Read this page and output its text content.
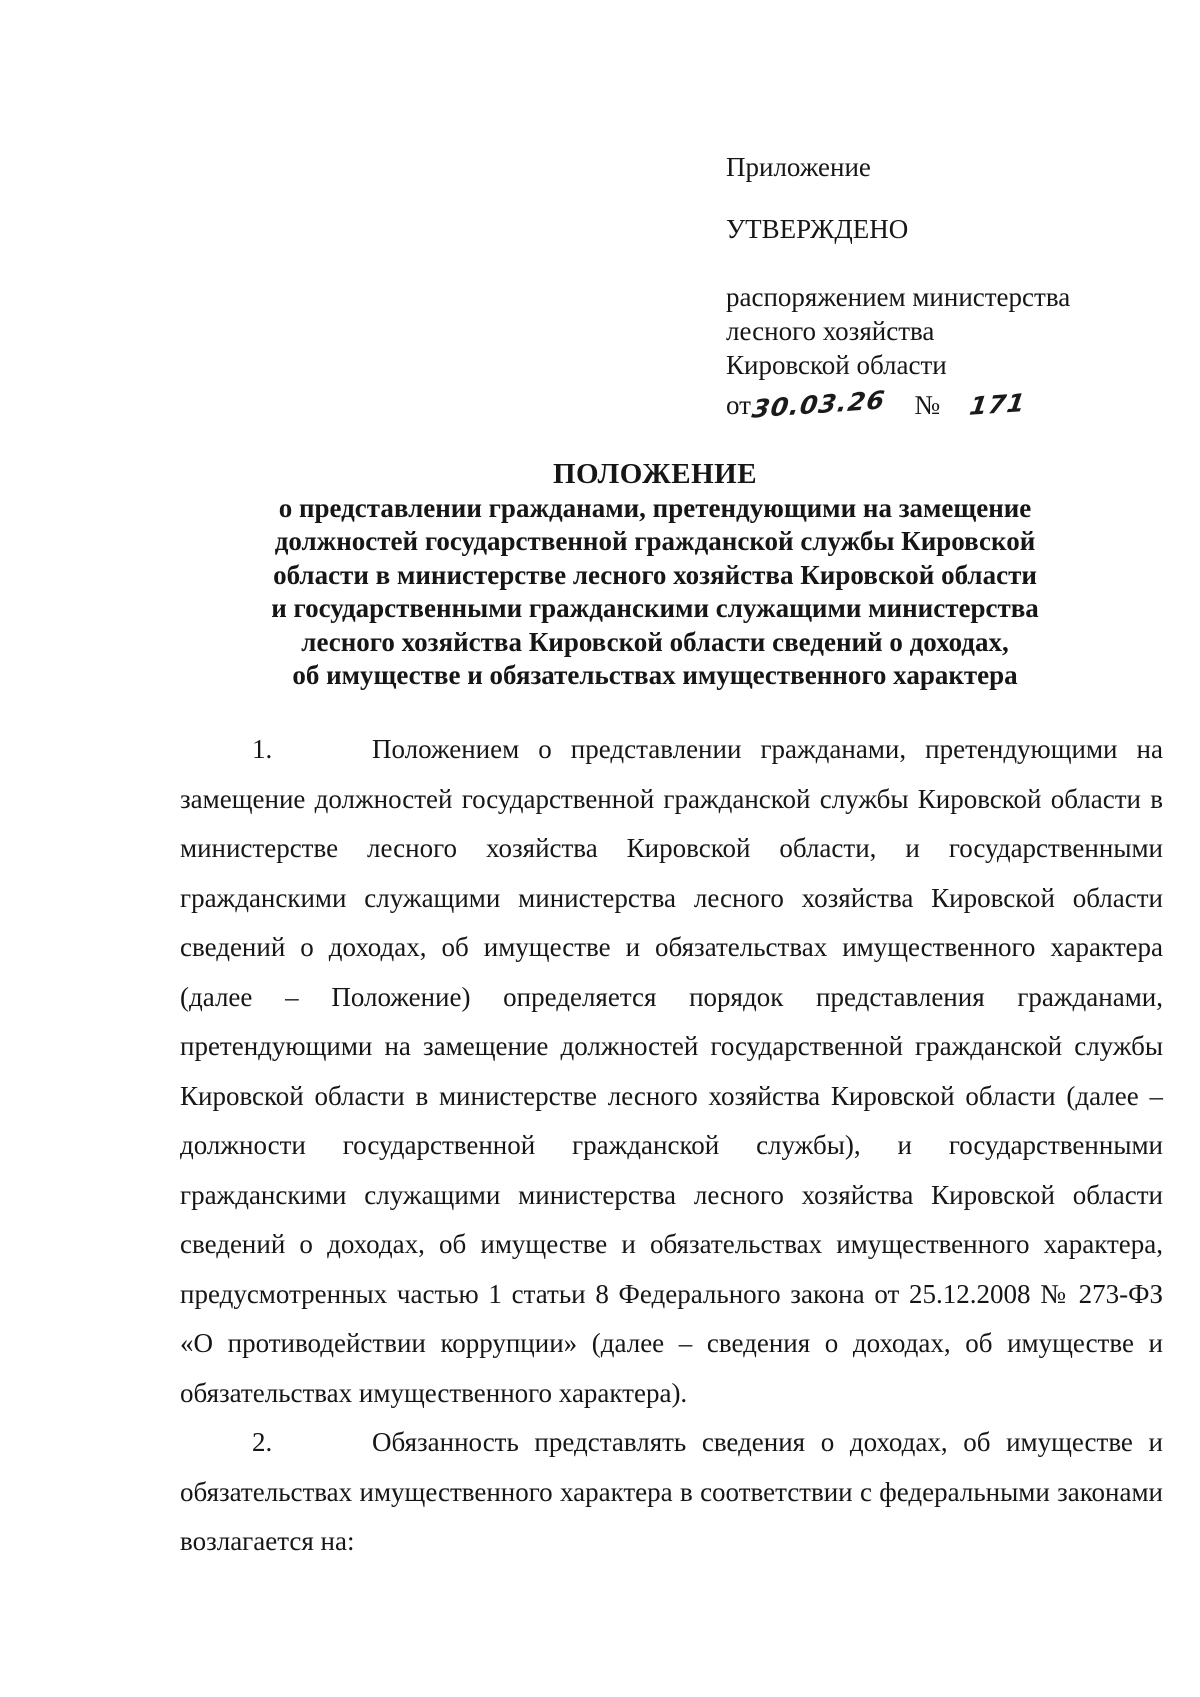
Приложение
УТВЕРЖДЕНО
распоряжением министерства
лесного хозяйства
Кировской области
от 30.03.26 № 171
ПОЛОЖЕНИЕ
о представлении гражданами, претендующими на замещение
должностей государственной гражданской службы Кировской
области в министерстве лесного хозяйства Кировской области
и государственными гражданскими служащими министерства
лесного хозяйства Кировской области сведений о доходах,
об имуществе и обязательствах имущественного характера

1.	Положением о представлении гражданами, претендующими на замещение должностей государственной гражданской службы Кировской области в министерстве лесного хозяйства Кировской области, и государственными гражданскими служащими министерства лесного хозяйства Кировской области сведений о доходах, об имуществе и обязательствах имущественного характера (далее – Положение) определяется порядок представления гражданами, претендующими на замещение должностей государственной гражданской службы Кировской области в министерстве лесного хозяйства Кировской области (далее – должности государственной гражданской службы), и государственными гражданскими служащими министерства лесного хозяйства Кировской области сведений о доходах, об имуществе и обязательствах имущественного характера, предусмотренных частью 1 статьи 8 Федерального закона от 25.12.2008 № 273-ФЗ «О противодействии коррупции» (далее – сведения о доходах, об имуществе и обязательствах имущественного характера).

2.	Обязанность представлять сведения о доходах, об имуществе и обязательствах имущественного характера в соответствии с федеральными законами возлагается на:
